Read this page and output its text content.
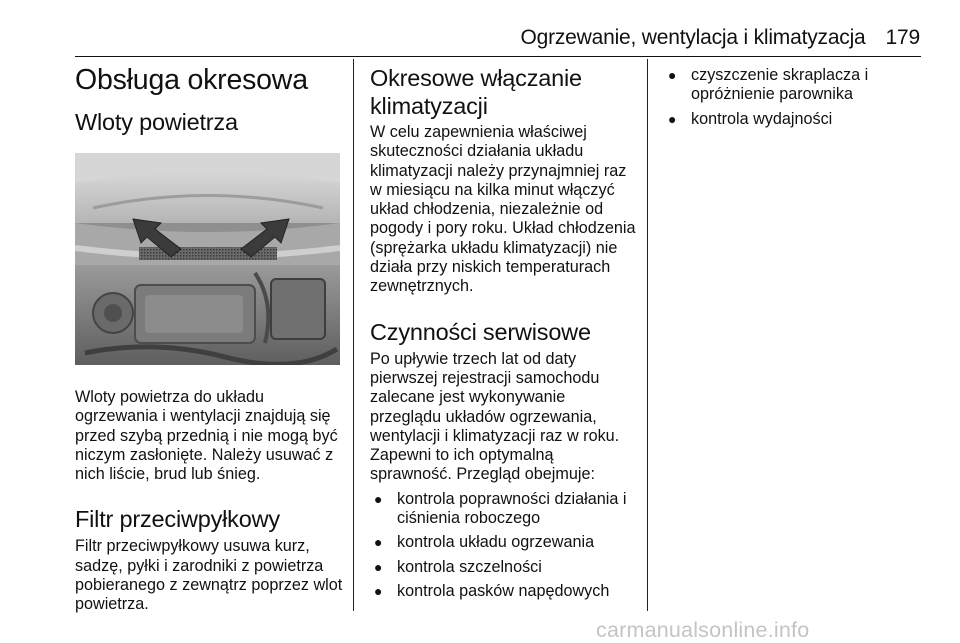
Ogrzewanie, wentylacja i klimatyzacja 179
Obsługa okresowa
Wloty powietrza

Wloty powietrza do układu ogrzewania i wentylacji znajdują się przed szybą przednią i nie mogą być niczym zasłonięte. Należy usuwać z nich liście, brud lub śnieg.

Filtr przeciwpyłkowy

Filtr przeciwpyłkowy usuwa kurz, sadzę, pyłki i zarodniki z powietrza pobieranego z zewnątrz poprzez wlot powietrza.

Okresowe włączanie klimatyzacji

W celu zapewnienia właściwej skuteczności działania układu klimatyzacji należy przynajmniej raz w miesiącu na kilka minut włączyć układ chłodzenia, niezależnie od pogody i pory roku. Układ chłodzenia (sprężarka układu klimatyzacji) nie działa przy niskich temperaturach zewnętrznych.

Czynności serwisowe

Po upływie trzech lat od daty pierwszej rejestracji samochodu zalecane jest wykonywanie przeglądu układów ogrzewania, wentylacji i klimatyzacji raz w roku. Zapewni to ich optymalną sprawność. Przegląd obejmuje:

● kontrola poprawności działania i ciśnienia roboczego
● kontrola układu ogrzewania
● kontrola szczelności
● kontrola pasków napędowych
● czyszczenie skraplacza i opróżnienie parownika
● kontrola wydajności
carmanualsonline.info
